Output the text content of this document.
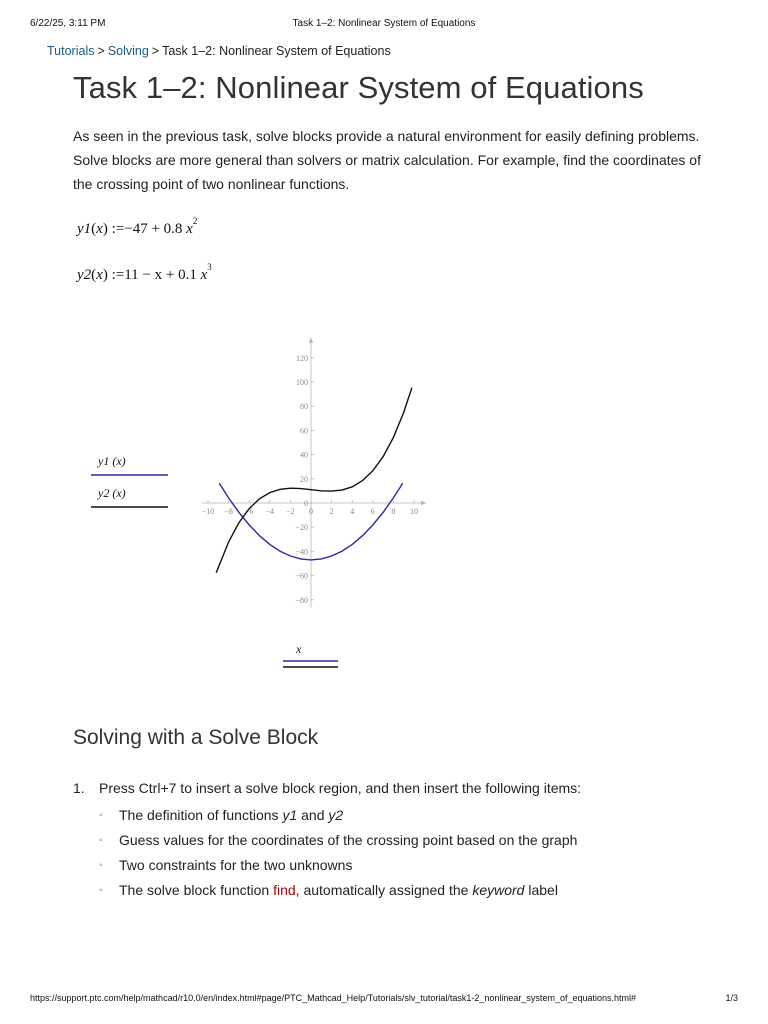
6/22/25, 3:11 PM	Task 1–2: Nonlinear System of Equations
Tutorials > Solving > Task 1–2: Nonlinear System of Equations
Task 1–2: Nonlinear System of Equations

As seen in the previous task, solve blocks provide a natural environment for easily defining problems. Solve blocks are more general than solvers or matrix calculation. For example, find the coordinates of the crossing point of two nonlinear functions.

y1(x) :=−47 + 0.8 $x^2$
y2(x) :=11 − x + 0.1 $x^3$
−80
−60
−40
−20
0
20
40
60
80
100
120
−10 −8 −6 −4 −2 0 2 4 6 8 10
y1 (x)
y2 (x)
x
Solving with a Solve Block
1. Press Ctrl+7 to insert a solve block region, and then insert the following items:
◦ The definition of functions y1 and y2
◦ Guess values for the coordinates of the crossing point based on the graph
◦ Two constraints for the two unknowns
◦ The solve block function find, automatically assigned the keyword label
https://support.ptc.com/help/mathcad/r10.0/en/index.html#page/PTC_Mathcad_Help/Tutorials/slv_tutorial/task1-2_nonlinear_system_of_equations.html#	1/3
